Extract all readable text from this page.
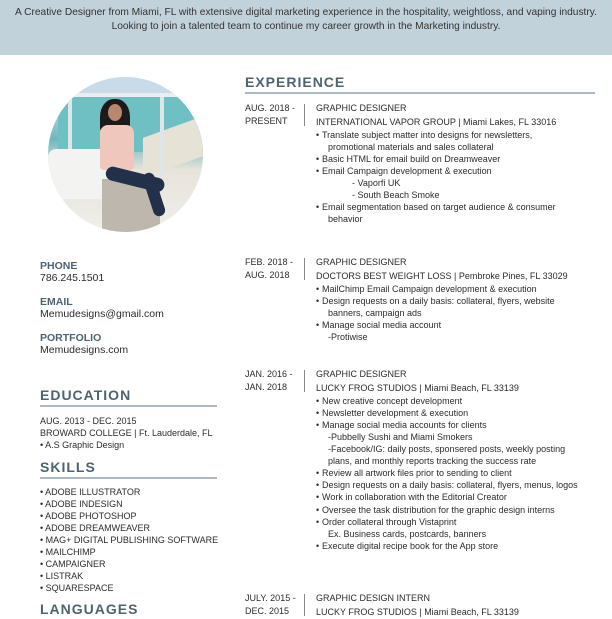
A Creative Designer from Miami, FL with extensive digital marketing experience in the hospitality, weightloss, and vaping industry. Looking to join a talented team to continue my career growth in the Marketing industry.

PHONE
786.245.1501
EMAIL
Memudesigns@gmail.com
PORTFOLIO
Memudesigns.com
EDUCATION
AUG. 2013 - DEC. 2015
BROWARD COLLEGE | Ft. Lauderdale, FL
• A.S Graphic Design
SKILLS
• ADOBE ILLUSTRATOR
• ADOBE INDESIGN
• ADOBE PHOTOSHOP
• ADOBE DREAMWEAVER
• MAG+ DIGITAL PUBLISHING SOFTWARE
• MAILCHIMP
• CAMPAIGNER
• LISTRAK
• SQUARESPACE
LANGUAGES
EXPERIENCE
AUG. 2018 -
PRESENT
GRAPHIC DESIGNER
INTERNATIONAL VAPOR GROUP | Miami Lakes, FL 33016
• Translate subject matter into designs for newsletters,
promotional materials and sales collateral
• Basic HTML for email build on Dreamweaver
• Email Campaign development & execution
- Vaporfi UK
- South Beach Smoke
• Email segmentation based on target audience & consumer
behavior
FEB. 2018 -
AUG. 2018
GRAPHIC DESIGNER
DOCTORS BEST WEIGHT LOSS | Pembroke Pines, FL 33029
• MailChimp Email Campaign development & execution
• Design requests on a daily basis: collateral, flyers, website
banners, campaign ads
• Manage social media account
-Protiwise
JAN. 2016 -
JAN. 2018
GRAPHIC DESIGNER
LUCKY FROG STUDIOS | Miami Beach, FL 33139
• New creative concept development
• Newsletter development & execution
• Manage social media accounts for clients
-Pubbelly Sushi and Miami Smokers
-Facebook/IG: daily posts, sponsered posts, weekly posting
plans, and monthly reports tracking the success rate
• Review all artwork files prior to sending to client
• Design requests on a daily basis: collateral, flyers, menus, logos
• Work in collaboration with the Editorial Creator
• Oversee the task distribution for the graphic design interns
• Order collateral through Vistaprint
Ex. Business cards, postcards, banners
• Execute digital recipe book for the App store
JULY. 2015 -
DEC. 2015
GRAPHIC DESIGN INTERN
LUCKY FROG STUDIOS | Miami Beach, FL 33139
